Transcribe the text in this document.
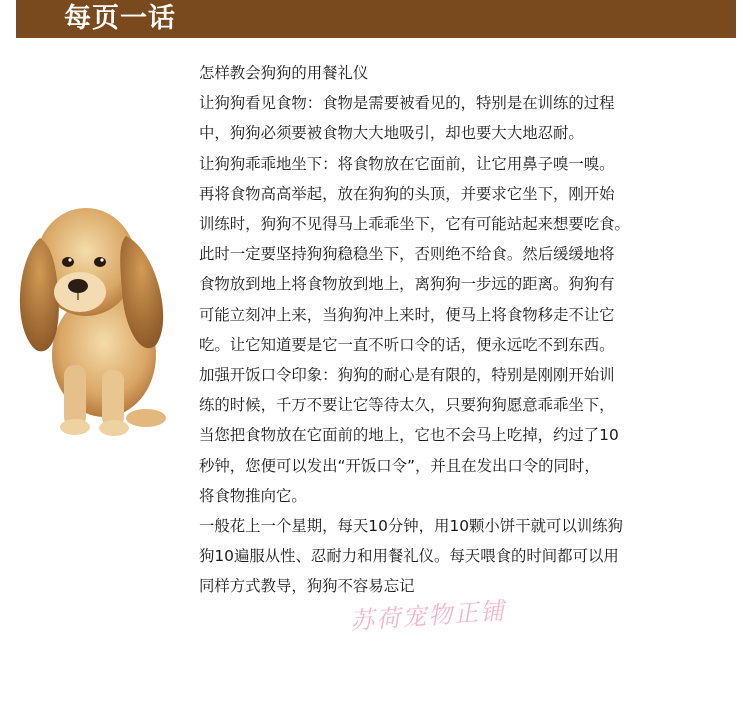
每页一话

怎样教会狗狗的用餐礼仪

让狗狗看见食物：食物是需要被看见的，特别是在训练的过程

中，狗狗必须要被食物大大地吸引，却也要大大地忍耐。

让狗狗乖乖地坐下：将食物放在它面前，让它用鼻子嗅一嗅。

再将食物高高举起，放在狗狗的头顶，并要求它坐下，刚开始

训练时，狗狗不见得马上乖乖坐下，它有可能站起来想要吃食。

此时一定要坚持狗狗稳稳坐下，否则绝不给食。然后缓缓地将

食物放到地上将食物放到地上，离狗狗一步远的距离。狗狗有

可能立刻冲上来，当狗狗冲上来时，便马上将食物移走不让它

吃。让它知道要是它一直不听口令的话，便永远吃不到东西。

加强开饭口令印象：狗狗的耐心是有限的，特别是刚刚开始训

练的时候，千万不要让它等待太久，只要狗狗愿意乖乖坐下，

当您把食物放在它面前的地上，它也不会马上吃掉，约过了10

秒钟，您便可以发出“开饭口令”，并且在发出口令的同时，

将食物推向它。

一般花上一个星期，每天10分钟，用10颗小饼干就可以训练狗

狗10遍服从性、忍耐力和用餐礼仪。每天喂食的时间都可以用

同样方式教导，狗狗不容易忘记

苏荷宠物正铺
